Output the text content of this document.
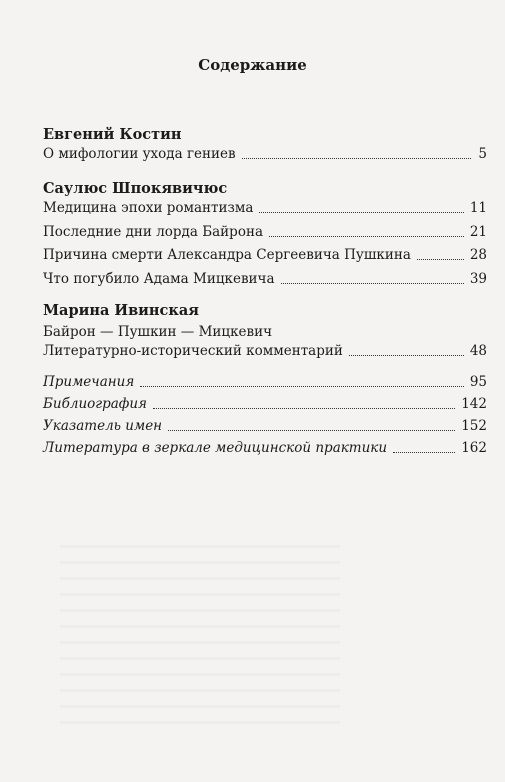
Содержание
Евгений Костин
О мифологии ухода гениев	5
Саулюс Шпокявичюс
Медицина эпохи романтизма	11
Последние дни лорда Байрона	21
Причина смерти Александра Сергеевича Пушкина	28
Что погубило Адама Мицкевича	39
Марина Ивинская
Байрон — Пушкин — Мицкевич
Литературно-исторический комментарий	48
Примечания	95
Библиография	142
Указатель имен	152
Литература в зеркале медицинской практики	162
